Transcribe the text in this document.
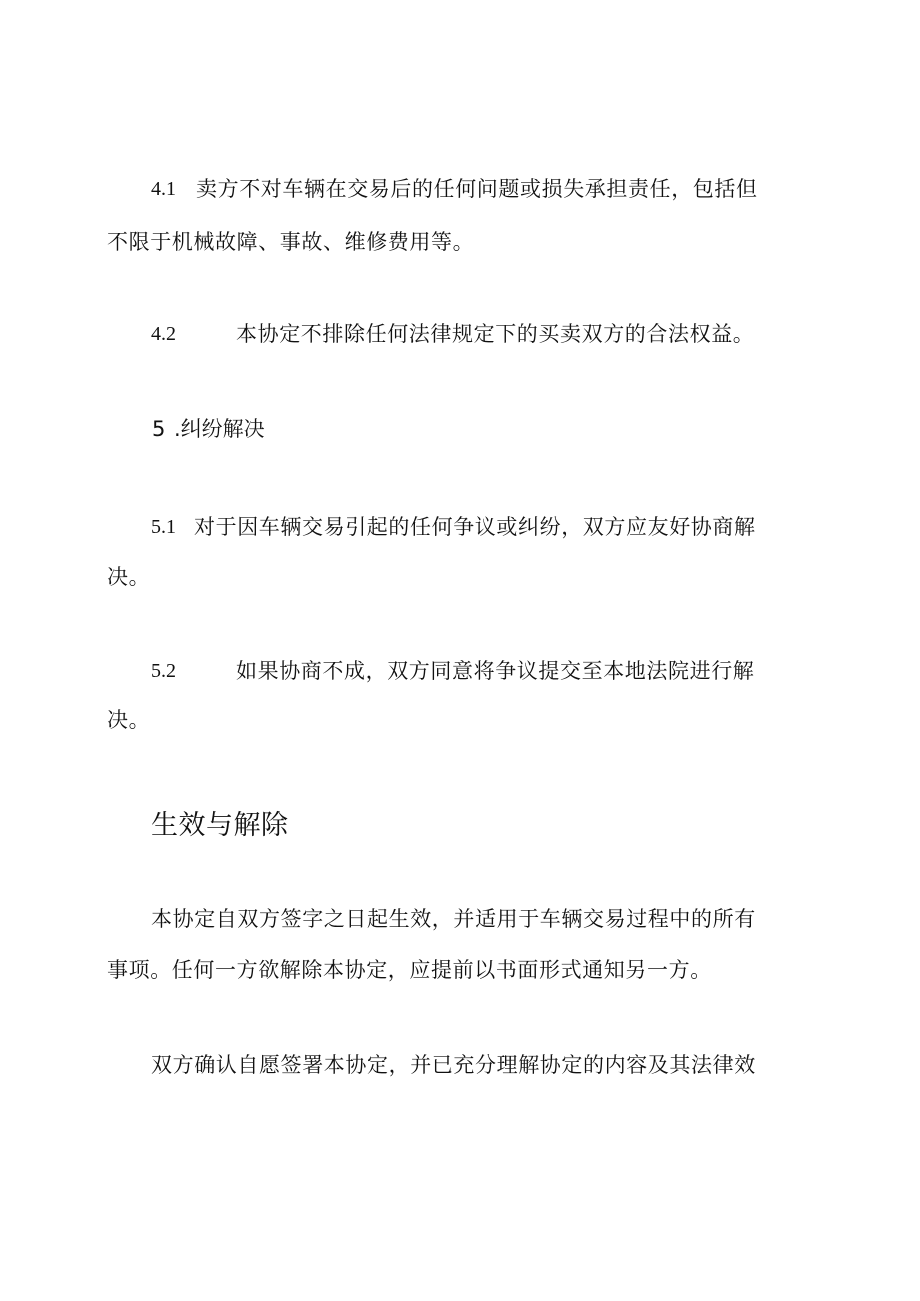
4.1 卖方不对车辆在交易后的任何问题或损失承担责任，包括但
不限于机械故障、事故、维修费用等。
4.2	本协定不排除任何法律规定下的买卖双方的合法权益。
5 .纠纷解决
5.1 对于因车辆交易引起的任何争议或纠纷，双方应友好协商解
决。
5.2	如果协商不成，双方同意将争议提交至本地法院进行解
决。
生效与解除
本协定自双方签字之日起生效，并适用于车辆交易过程中的所有
事项。任何一方欲解除本协定，应提前以书面形式通知另一方。
双方确认自愿签署本协定，并已充分理解协定的内容及其法律效
